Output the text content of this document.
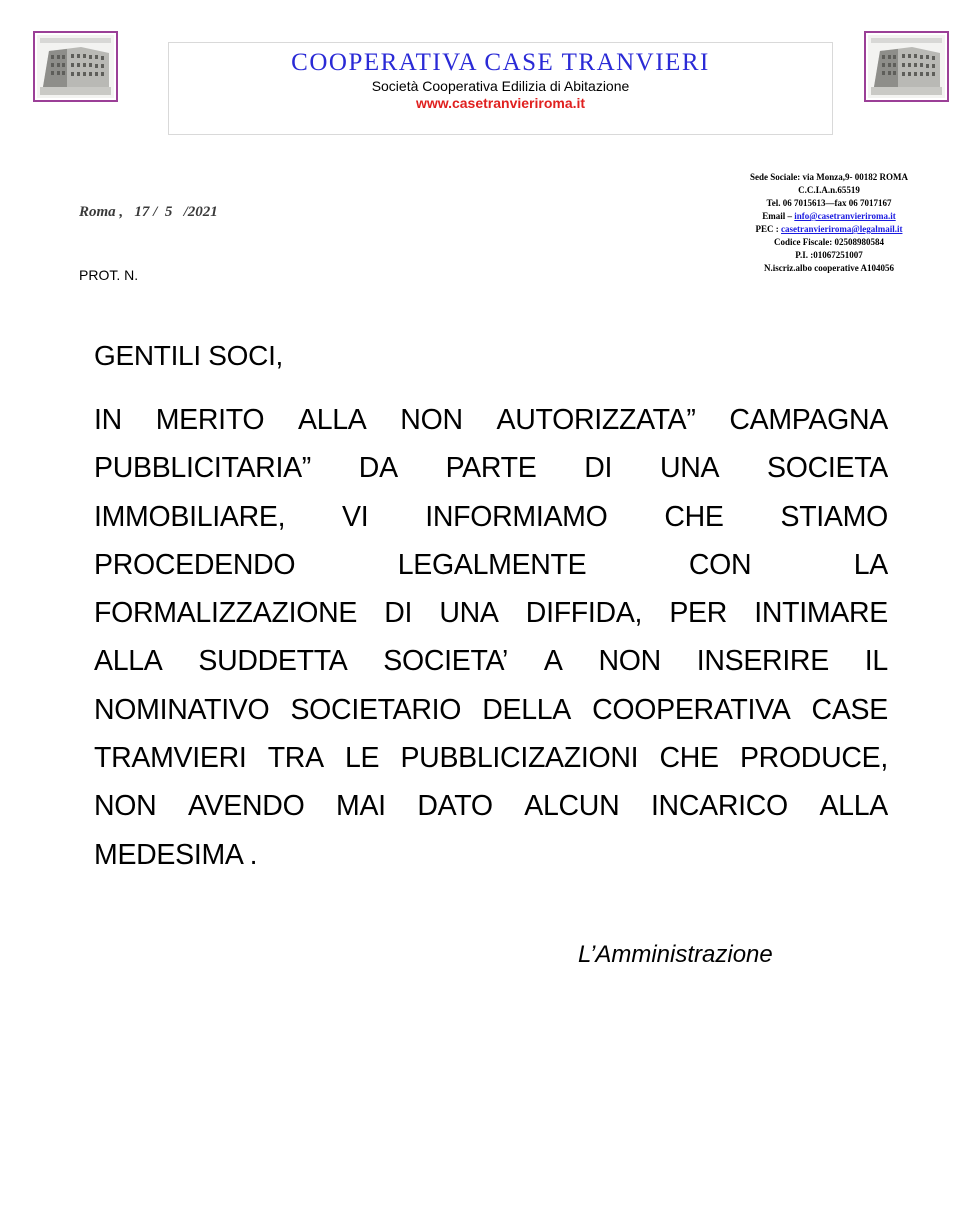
COOPERATIVA CASE TRANVIERI
Società Cooperativa Edilizia di Abitazione
www.casetranvieriroma.it
Roma ,   17 /  5   /2021
PROT. N.
Sede Sociale: via Monza,9- 00182 ROMA
C.C.I.A.n.65519
Tel. 06 7015613—fax 06 7017167
Email – info@casetranvieriroma.it
PEC : casetranvieriroma@legalmail.it
Codice Fiscale: 02508980584
P.I. :01067251007
N.iscriz.albo cooperative A104056
GENTILI SOCI,
IN MERITO ALLA NON AUTORIZZATA” CAMPAGNA
PUBBLICITARIA” DA PARTE DI UNA SOCIETA
IMMOBILIARE, VI INFORMIAMO CHE STIAMO
PROCEDENDO	LEGALMENTE	CON	LA
FORMALIZZAZIONE DI UNA DIFFIDA, PER INTIMARE
ALLA SUDDETTA SOCIETA’ A NON INSERIRE IL
NOMINATIVO SOCIETARIO DELLA COOPERATIVA CASE
TRAMVIERI TRA LE PUBBLICIZAZIONI CHE PRODUCE,
NON AVENDO MAI DATO ALCUN INCARICO ALLA
MEDESIMA .
L’Amministrazione
